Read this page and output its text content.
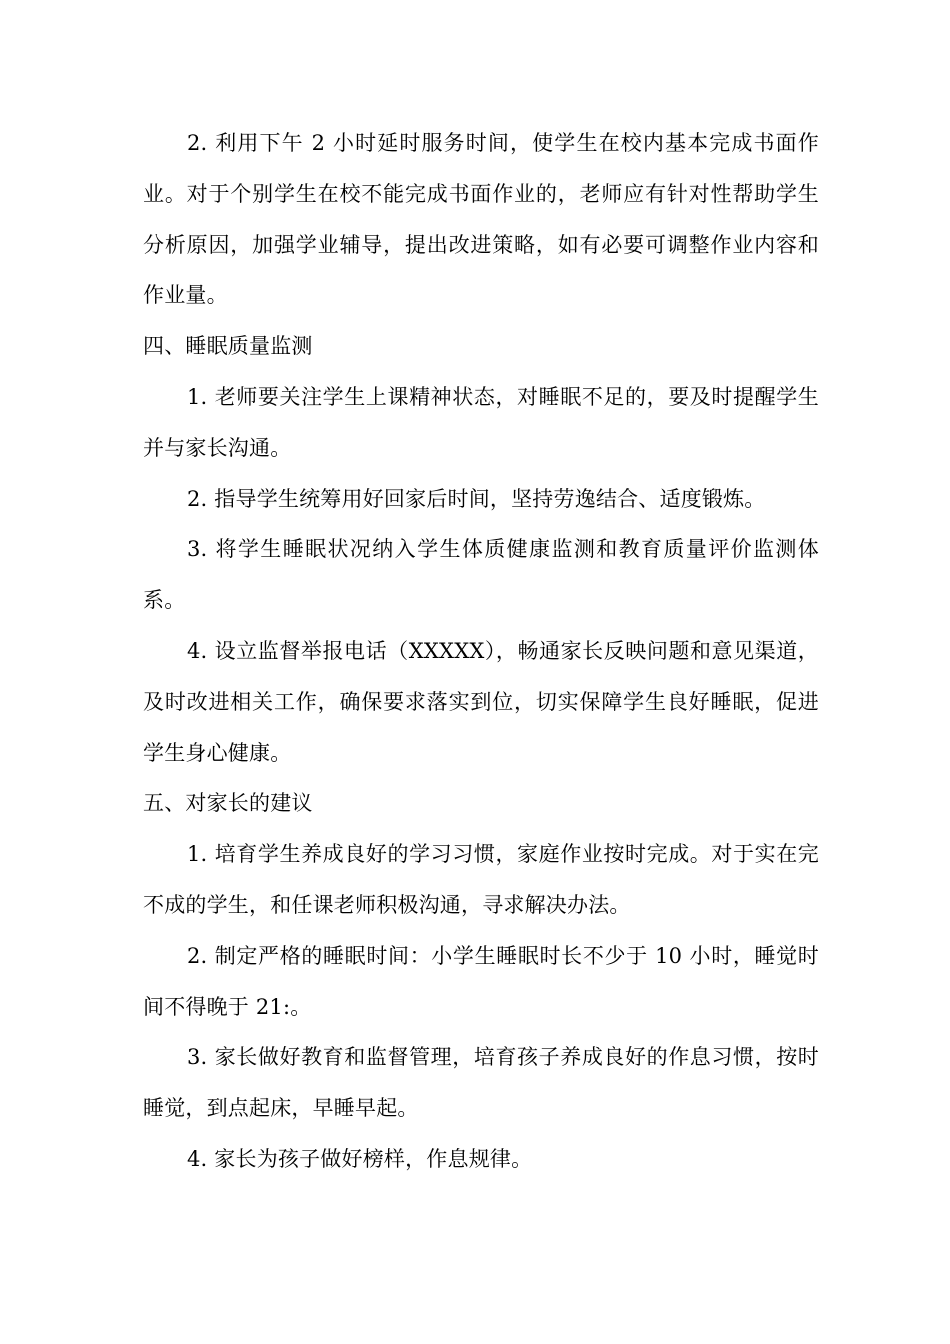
2. 利用下午 2 小时延时服务时间，使学生在校内基本完成书面作业。对于个别学生在校不能完成书面作业的，老师应有针对性帮助学生分析原因，加强学业辅导，提出改进策略，如有必要可调整作业内容和作业量。

四、睡眠质量监测

1. 老师要关注学生上课精神状态，对睡眠不足的，要及时提醒学生并与家长沟通。

2. 指导学生统筹用好回家后时间，坚持劳逸结合、适度锻炼。

3. 将学生睡眠状况纳入学生体质健康监测和教育质量评价监测体系。

4. 设立监督举报电话（XXXXX），畅通家长反映问题和意见渠道，及时改进相关工作，确保要求落实到位，切实保障学生良好睡眠，促进学生身心健康。

五、对家长的建议

1. 培育学生养成良好的学习习惯，家庭作业按时完成。对于实在完不成的学生，和任课老师积极沟通，寻求解决办法。

2. 制定严格的睡眠时间：小学生睡眠时长不少于 10 小时，睡觉时间不得晚于 21:。

3. 家长做好教育和监督管理，培育孩子养成良好的作息习惯，按时睡觉，到点起床，早睡早起。

4. 家长为孩子做好榜样，作息规律。
